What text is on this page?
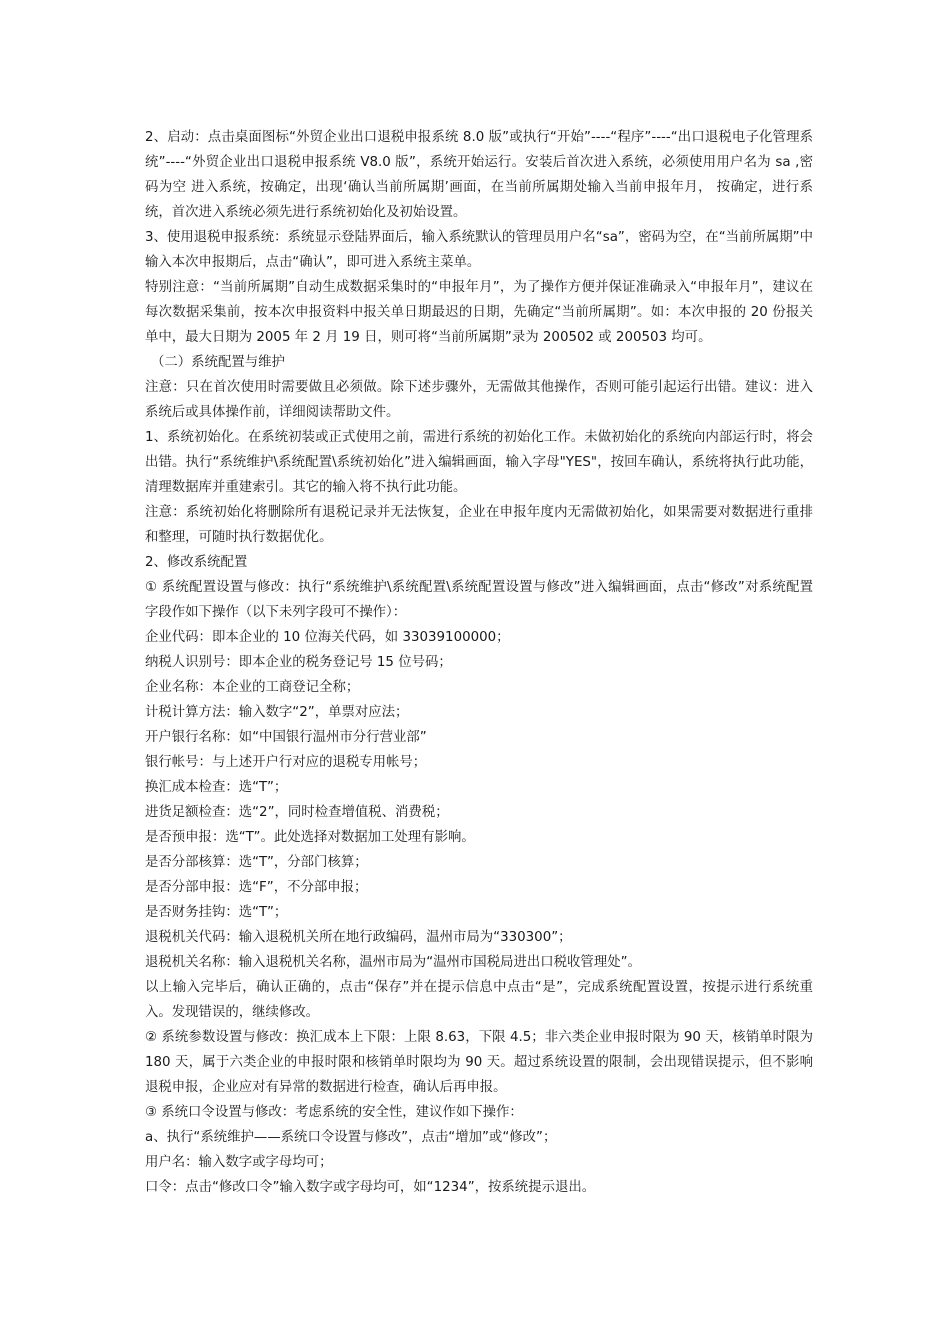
2、启动：点击桌面图标“外贸企业出口退税申报系统 8.0 版”或执行“开始”----“程序”----“出口退税电子化管理系统”----“外贸企业出口退税申报系统 V8.0 版”，系统开始运行。安装后首次进入系统，必须使用用户名为 sa ,密码为空 进入系统，按确定，出现‘确认当前所属期’画面，在当前所属期处输入当前申报年月， 按确定，进行系统，首次进入系统必须先进行系统初始化及初始设置。

3、使用退税申报系统：系统显示登陆界面后，输入系统默认的管理员用户名“sa”，密码为空，在“当前所属期”中输入本次申报期后，点击“确认”，即可进入系统主菜单。

特别注意：“当前所属期”自动生成数据采集时的“申报年月”，为了操作方便并保证准确录入“申报年月”，建议在每次数据采集前，按本次申报资料中报关单日期最迟的日期，先确定“当前所属期”。如：本次申报的 20 份报关单中，最大日期为 2005 年 2 月 19 日，则可将“当前所属期”录为 200502 或 200503 均可。

（二）系统配置与维护

注意：只在首次使用时需要做且必须做。除下述步骤外，无需做其他操作，否则可能引起运行出错。建议：进入系统后或具体操作前，详细阅读帮助文件。

1、系统初始化。在系统初装或正式使用之前，需进行系统的初始化工作。未做初始化的系统向内部运行时，将会出错。执行“系统维护\系统配置\系统初始化”进入编辑画面，输入字母"YES"，按回车确认，系统将执行此功能，清理数据库并重建索引。其它的输入将不执行此功能。

注意：系统初始化将删除所有退税记录并无法恢复，企业在申报年度内无需做初始化，如果需要对数据进行重排和整理，可随时执行数据优化。

2、修改系统配置

① 系统配置设置与修改：执行“系统维护\系统配置\系统配置设置与修改”进入编辑画面，点击“修改”对系统配置字段作如下操作（以下未列字段可不操作）：

企业代码：即本企业的 10 位海关代码，如 33039100000；

纳税人识别号：即本企业的税务登记号 15 位号码；

企业名称：本企业的工商登记全称；

计税计算方法：输入数字“2”，单票对应法；

开户银行名称：如“中国银行温州市分行营业部”

银行帐号：与上述开户行对应的退税专用帐号；

换汇成本检查：选“T”；

进货足额检查：选“2”，同时检查增值税、消费税；

是否预申报：选“T”。此处选择对数据加工处理有影响。

是否分部核算：选“T”，分部门核算；

是否分部申报：选“F”，不分部申报；

是否财务挂钩：选“T”；

退税机关代码：输入退税机关所在地行政编码，温州市局为“330300”；

退税机关名称：输入退税机关名称，温州市局为“温州市国税局进出口税收管理处”。

以上输入完毕后，确认正确的，点击“保存”并在提示信息中点击“是”，完成系统配置设置，按提示进行系统重入。发现错误的，继续修改。

② 系统参数设置与修改：换汇成本上下限：上限 8.63，下限 4.5；非六类企业申报时限为 90 天，核销单时限为 180 天，属于六类企业的申报时限和核销单时限均为 90 天。超过系统设置的限制，会出现错误提示，但不影响退税申报，企业应对有异常的数据进行检查，确认后再申报。

③ 系统口令设置与修改：考虑系统的安全性，建议作如下操作：

a、执行“系统维护——系统口令设置与修改”，点击“增加”或“修改”；

用户名：输入数字或字母均可；

口令：点击“修改口令”输入数字或字母均可，如“1234”，按系统提示退出。
